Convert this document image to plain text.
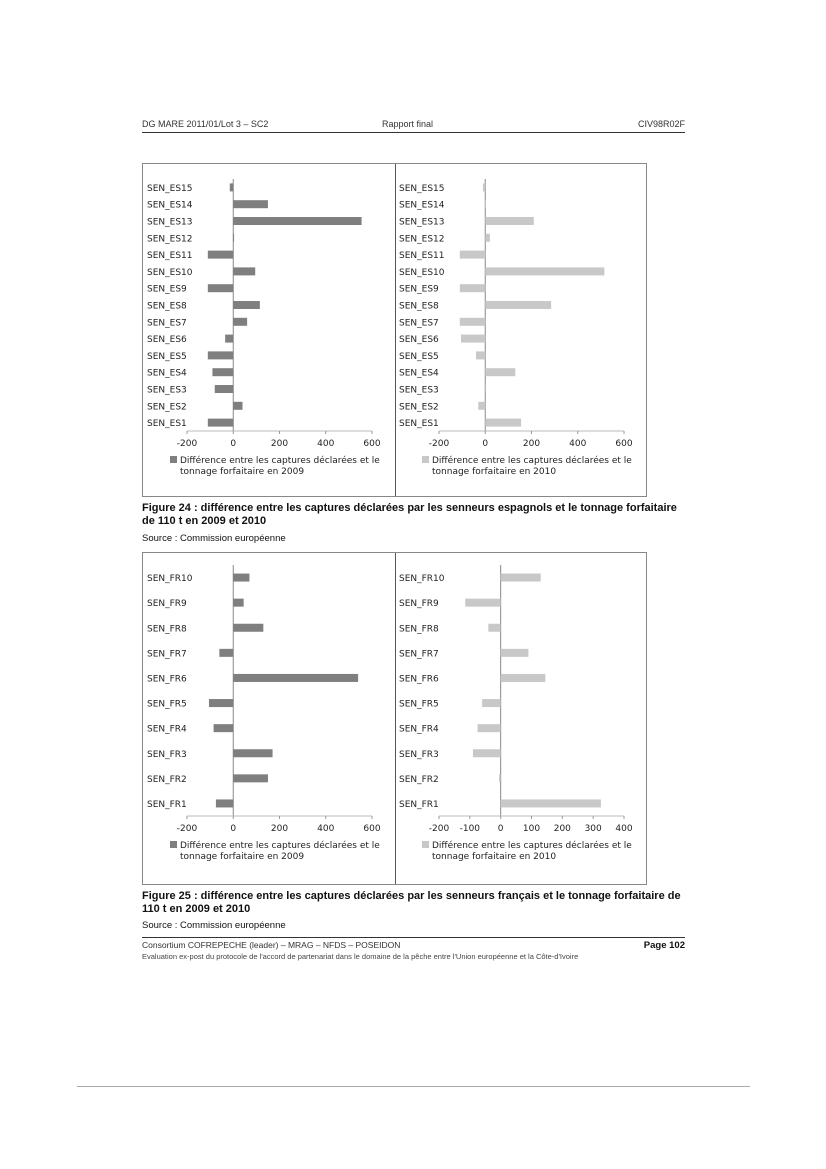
DG MARE 2011/01/Lot 3 – SC2	Rapport final	CIV98R02F
SEN_ES15
SEN_ES14
SEN_ES13
SEN_ES12
SEN_ES11
SEN_ES10
SEN_ES9
SEN_ES8
SEN_ES7
SEN_ES6
SEN_ES5
SEN_ES4
SEN_ES3
SEN_ES2
SEN_ES1
-200	0	200	400	600
Différence entre les captures déclarées et le
tonnage forfaitaire en 2009
SEN_ES15
SEN_ES14
SEN_ES13
SEN_ES12
SEN_ES11
SEN_ES10
SEN_ES9
SEN_ES8
SEN_ES7
SEN_ES6
SEN_ES5
SEN_ES4
SEN_ES3
SEN_ES2
SEN_ES1
-200	0	200	400	600
Différence entre les captures déclarées et le
tonnage forfaitaire en 2010
Figure 24 : différence entre les captures déclarées par les senneurs espagnols et le tonnage forfaitaire de 110 t en 2009 et 2010
Source : Commission européenne
SEN_FR10
SEN_FR9
SEN_FR8
SEN_FR7
SEN_FR6
SEN_FR5
SEN_FR4
SEN_FR3
SEN_FR2
SEN_FR1
-200	0	200	400	600
Différence entre les captures déclarées et le
tonnage forfaitaire en 2009
SEN_FR10
SEN_FR9
SEN_FR8
SEN_FR7
SEN_FR6
SEN_FR5
SEN_FR4
SEN_FR3
SEN_FR2
SEN_FR1
-200 -100 0 100 200 300 400
Différence entre les captures déclarées et le
tonnage forfaitaire en 2010
Figure 25 : différence entre les captures déclarées par les senneurs français et le tonnage forfaitaire de 110 t en 2009 et 2010
Source : Commission européenne
Consortium COFREPECHE (leader) – MRAG – NFDS – POSEIDON	Page 102
Evaluation ex-post du protocole de l'accord de partenariat dans le domaine de la pêche entre l'Union européenne et la Côte-d'Ivoire
